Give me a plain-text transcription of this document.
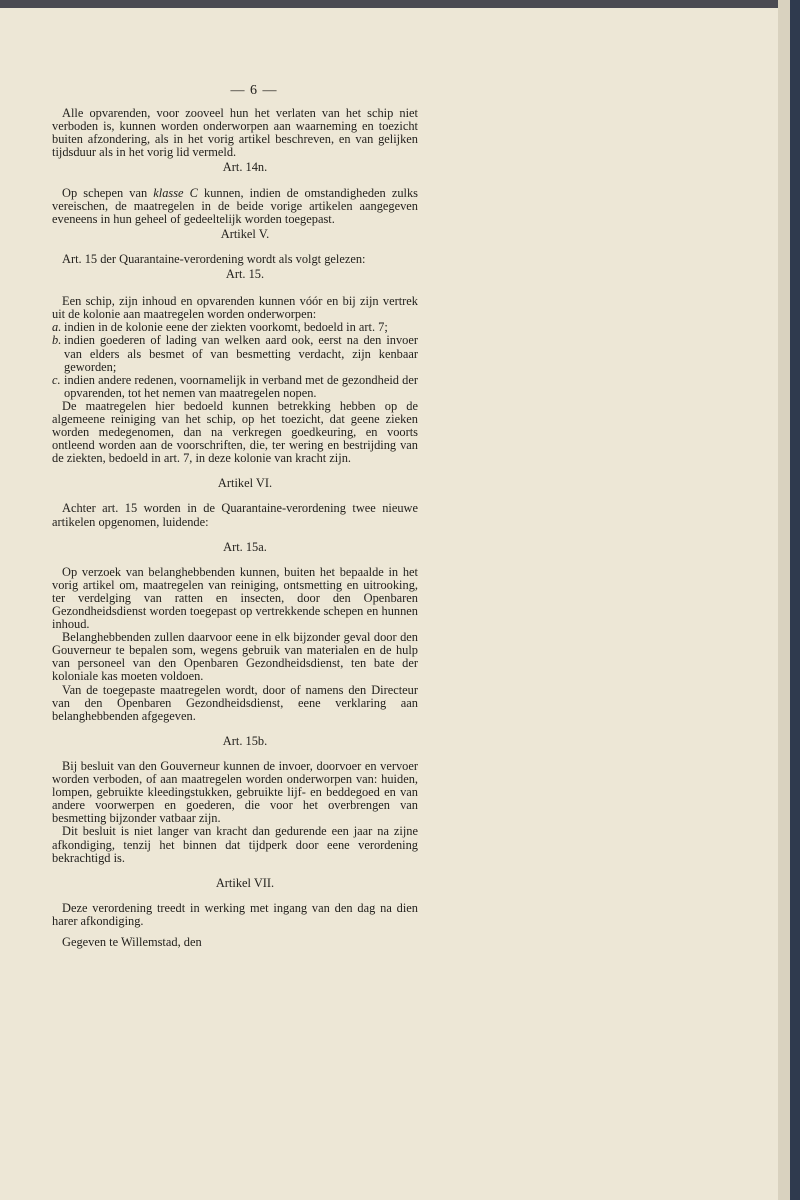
— 6 —

Alle opvarenden, voor zooveel hun het verlaten van het schip niet verboden is, kunnen worden onderworpen aan waarneming en toezicht buiten afzondering, als in het vorig artikel beschreven, en van gelijken tijdsduur als in het vorig lid vermeld.

Art. 14n.

Op schepen van klasse C kunnen, indien de omstandigheden zulks vereischen, de maatregelen in de beide vorige artikelen aangegeven eveneens in hun geheel of gedeeltelijk worden toegepast.

Artikel V.

Art. 15 der Quarantaine-verordening wordt als volgt gelezen:

Art. 15.

Een schip, zijn inhoud en opvarenden kunnen vóór en bij zijn vertrek uit de kolonie aan maatregelen worden onderworpen:

a. indien in de kolonie eene der ziekten voorkomt, bedoeld in art. 7;
b. indien goederen of lading van welken aard ook, eerst na den invoer van elders als besmet of van besmetting verdacht, zijn kenbaar geworden;
c. indien andere redenen, voornamelijk in verband met de gezondheid der opvarenden, tot het nemen van maatregelen nopen.

De maatregelen hier bedoeld kunnen betrekking hebben op de algemeene reiniging van het schip, op het toezicht, dat geene zieken worden medegenomen, dan na verkregen goedkeuring, en voorts ontleend worden aan de voorschriften, die, ter wering en bestrijding van de ziekten, bedoeld in art. 7, in deze kolonie van kracht zijn.

Artikel VI.

Achter art. 15 worden in de Quarantaine-verordening twee nieuwe artikelen opgenomen, luidende:

Art. 15a.

Op verzoek van belanghebbenden kunnen, buiten het bepaalde in het vorig artikel om, maatregelen van reiniging, ontsmetting en uitrooking, ter verdelging van ratten en insecten, door den Openbaren Gezondheidsdienst worden toegepast op vertrekkende schepen en hunnen inhoud.

Belanghebbenden zullen daarvoor eene in elk bijzonder geval door den Gouverneur te bepalen som, wegens gebruik van materialen en de hulp van personeel van den Openbaren Gezondheidsdienst, ten bate der koloniale kas moeten voldoen.

Van de toegepaste maatregelen wordt, door of namens den Directeur van den Openbaren Gezondheidsdienst, eene verklaring aan belanghebbenden afgegeven.

Art. 15b.

Bij besluit van den Gouverneur kunnen de invoer, doorvoer en vervoer worden verboden, of aan maatregelen worden onderworpen van: huiden, lompen, gebruikte kleedingstukken, gebruikte lijf- en beddegoed en van andere voorwerpen en goederen, die voor het overbrengen van besmetting bijzonder vatbaar zijn.

Dit besluit is niet langer van kracht dan gedurende een jaar na zijne afkondiging, tenzij het binnen dat tijdperk door eene verordening bekrachtigd is.

Artikel VII.

Deze verordening treedt in werking met ingang van den dag na dien harer afkondiging.

Gegeven te Willemstad, den
